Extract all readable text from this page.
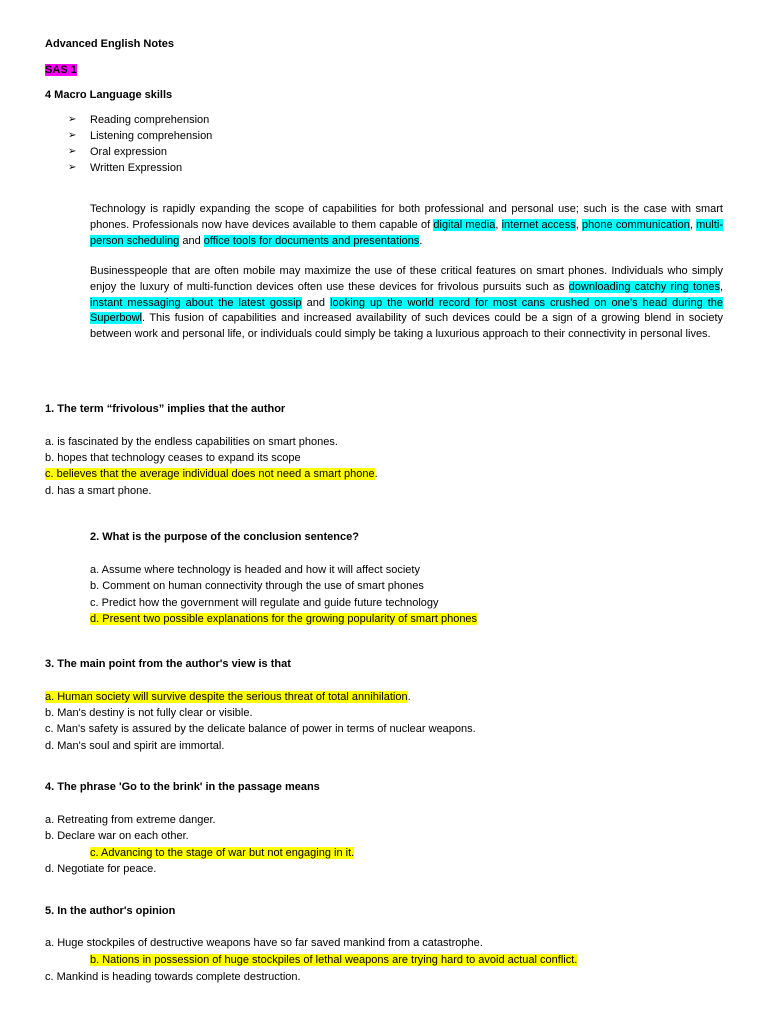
Advanced English Notes
SAS 1
4 Macro Language skills
➢ Reading comprehension
➢ Listening comprehension
➢ Oral expression
➢ Written Expression
Technology is rapidly expanding the scope of capabilities for both professional and personal use; such is the case with smart phones. Professionals now have devices available to them capable of digital media, internet access, phone communication, multi-person scheduling and office tools for documents and presentations.
Businesspeople that are often mobile may maximize the use of these critical features on smart phones. Individuals who simply enjoy the luxury of multi-function devices often use these devices for frivolous pursuits such as downloading catchy ring tones, instant messaging about the latest gossip and looking up the world record for most cans crushed on one’s head during the Superbowl. This fusion of capabilities and increased availability of such devices could be a sign of a growing blend in society between work and personal life, or individuals could simply be taking a luxurious approach to their connectivity in personal lives.
1. The term “frivolous” implies that the author
a. is fascinated by the endless capabilities on smart phones.
b. hopes that technology ceases to expand its scope
c. believes that the average individual does not need a smart phone.
d. has a smart phone.
2. What is the purpose of the conclusion sentence?
a. Assume where technology is headed and how it will affect society
b. Comment on human connectivity through the use of smart phones
c. Predict how the government will regulate and guide future technology
d. Present two possible explanations for the growing popularity of smart phones
3. The main point from the author's view is that
a. Human society will survive despite the serious threat of total annihilation.
b. Man's destiny is not fully clear or visible.
c. Man's safety is assured by the delicate balance of power in terms of nuclear weapons.
d. Man's soul and spirit are immortal.
4. The phrase 'Go to the brink' in the passage means
a. Retreating from extreme danger.
b. Declare war on each other.
c. Advancing to the stage of war but not engaging in it.
d. Negotiate for peace.
5. In the author's opinion
a. Huge stockpiles of destructive weapons have so far saved mankind from a catastrophe.
b. Nations in possession of huge stockpiles of lethal weapons are trying hard to avoid actual conflict.
c. Mankind is heading towards complete destruction.
